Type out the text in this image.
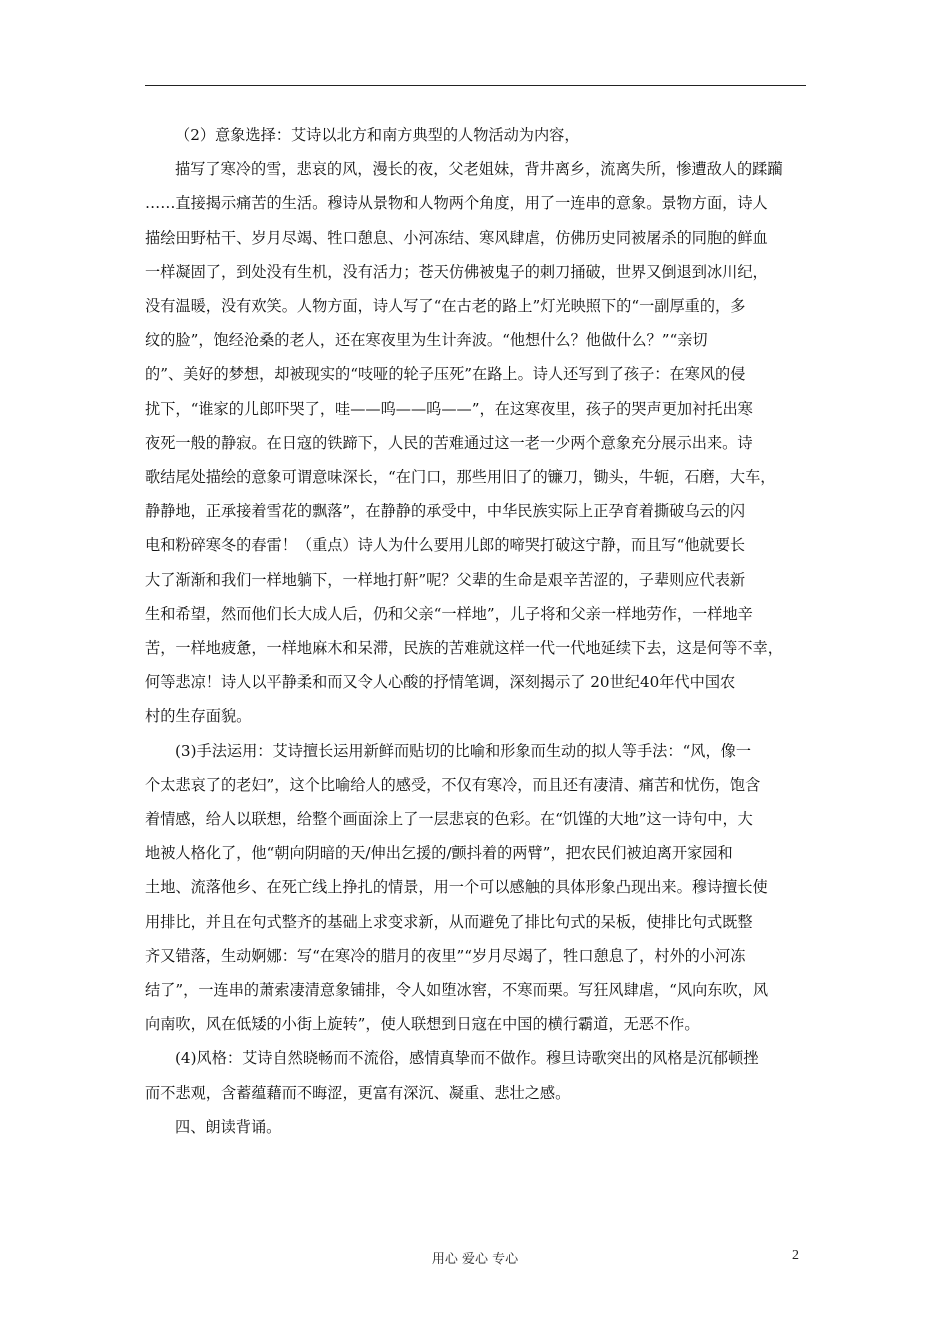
（2）意象选择：艾诗以北方和南方典型的人物活动为内容，
描写了寒冷的雪，悲哀的风，漫长的夜，父老姐妹，背井离乡，流离失所，惨遭敌人的蹂躏
……直接揭示痛苦的生活。穆诗从景物和人物两个角度，用了一连串的意象。景物方面，诗人
描绘田野枯干、岁月尽竭、牲口憩息、小河冻结、寒风肆虐，仿佛历史同被屠杀的同胞的鲜血
一样凝固了，到处没有生机，没有活力；苍天仿佛被鬼子的刺刀捅破，世界又倒退到冰川纪，
没有温暖，没有欢笑。人物方面，诗人写了“在古老的路上”灯光映照下的“一副厚重的，多
纹的脸”，饱经沧桑的老人，还在寒夜里为生计奔波。“他想什么？他做什么？”“亲切
的”、美好的梦想，却被现实的“吱哑的轮子压死”在路上。诗人还写到了孩子：在寒风的侵
扰下，“谁家的儿郎吓哭了，哇——呜——呜——”，在这寒夜里，孩子的哭声更加衬托出寒
夜死一般的静寂。在日寇的铁蹄下，人民的苦难通过这一老一少两个意象充分展示出来。诗
歌结尾处描绘的意象可谓意味深长，“在门口，那些用旧了的镰刀，锄头，牛轭，石磨，大车，
静静地，正承接着雪花的飘落”，在静静的承受中，中华民族实际上正孕育着撕破乌云的闪
电和粉碎寒冬的春雷！（重点）诗人为什么要用儿郎的啼哭打破这宁静，而且写“他就要长
大了渐渐和我们一样地躺下，一样地打鼾”呢？父辈的生命是艰辛苦涩的，子辈则应代表新
生和希望，然而他们长大成人后，仍和父亲“一样地”，儿子将和父亲一样地劳作，一样地辛
苦，一样地疲惫，一样地麻木和呆滞，民族的苦难就这样一代一代地延续下去，这是何等不幸，
何等悲凉！诗人以平静柔和而又令人心酸的抒情笔调，深刻揭示了 20世纪40年代中国农
村的生存面貌。
(3)手法运用：艾诗擅长运用新鲜而贴切的比喻和形象而生动的拟人等手法：“风，像一
个太悲哀了的老妇”，这个比喻给人的感受，不仅有寒冷，而且还有凄清、痛苦和忧伤，饱含
着情感，给人以联想，给整个画面涂上了一层悲哀的色彩。在“饥馑的大地”这一诗句中，大
地被人格化了，他“朝向阴暗的天/伸出乞援的/颤抖着的两臂”，把农民们被迫离开家园和
土地、流落他乡、在死亡线上挣扎的情景，用一个可以感触的具体形象凸现出来。穆诗擅长使
用排比，并且在句式整齐的基础上求变求新，从而避免了排比句式的呆板，使排比句式既整
齐又错落，生动婀娜：写“在寒冷的腊月的夜里”“岁月尽竭了，牲口憩息了，村外的小河冻
结了”，一连串的萧索凄清意象铺排，令人如堕冰窖，不寒而栗。写狂风肆虐，“风向东吹，风
向南吹，风在低矮的小街上旋转”，使人联想到日寇在中国的横行霸道，无恶不作。
(4)风格：艾诗自然晓畅而不流俗，感情真挚而不做作。穆旦诗歌突出的风格是沉郁顿挫
而不悲观，含蓄蕴藉而不晦涩，更富有深沉、凝重、悲壮之感。
四、朗读背诵。
用心 爱心 专心	2
